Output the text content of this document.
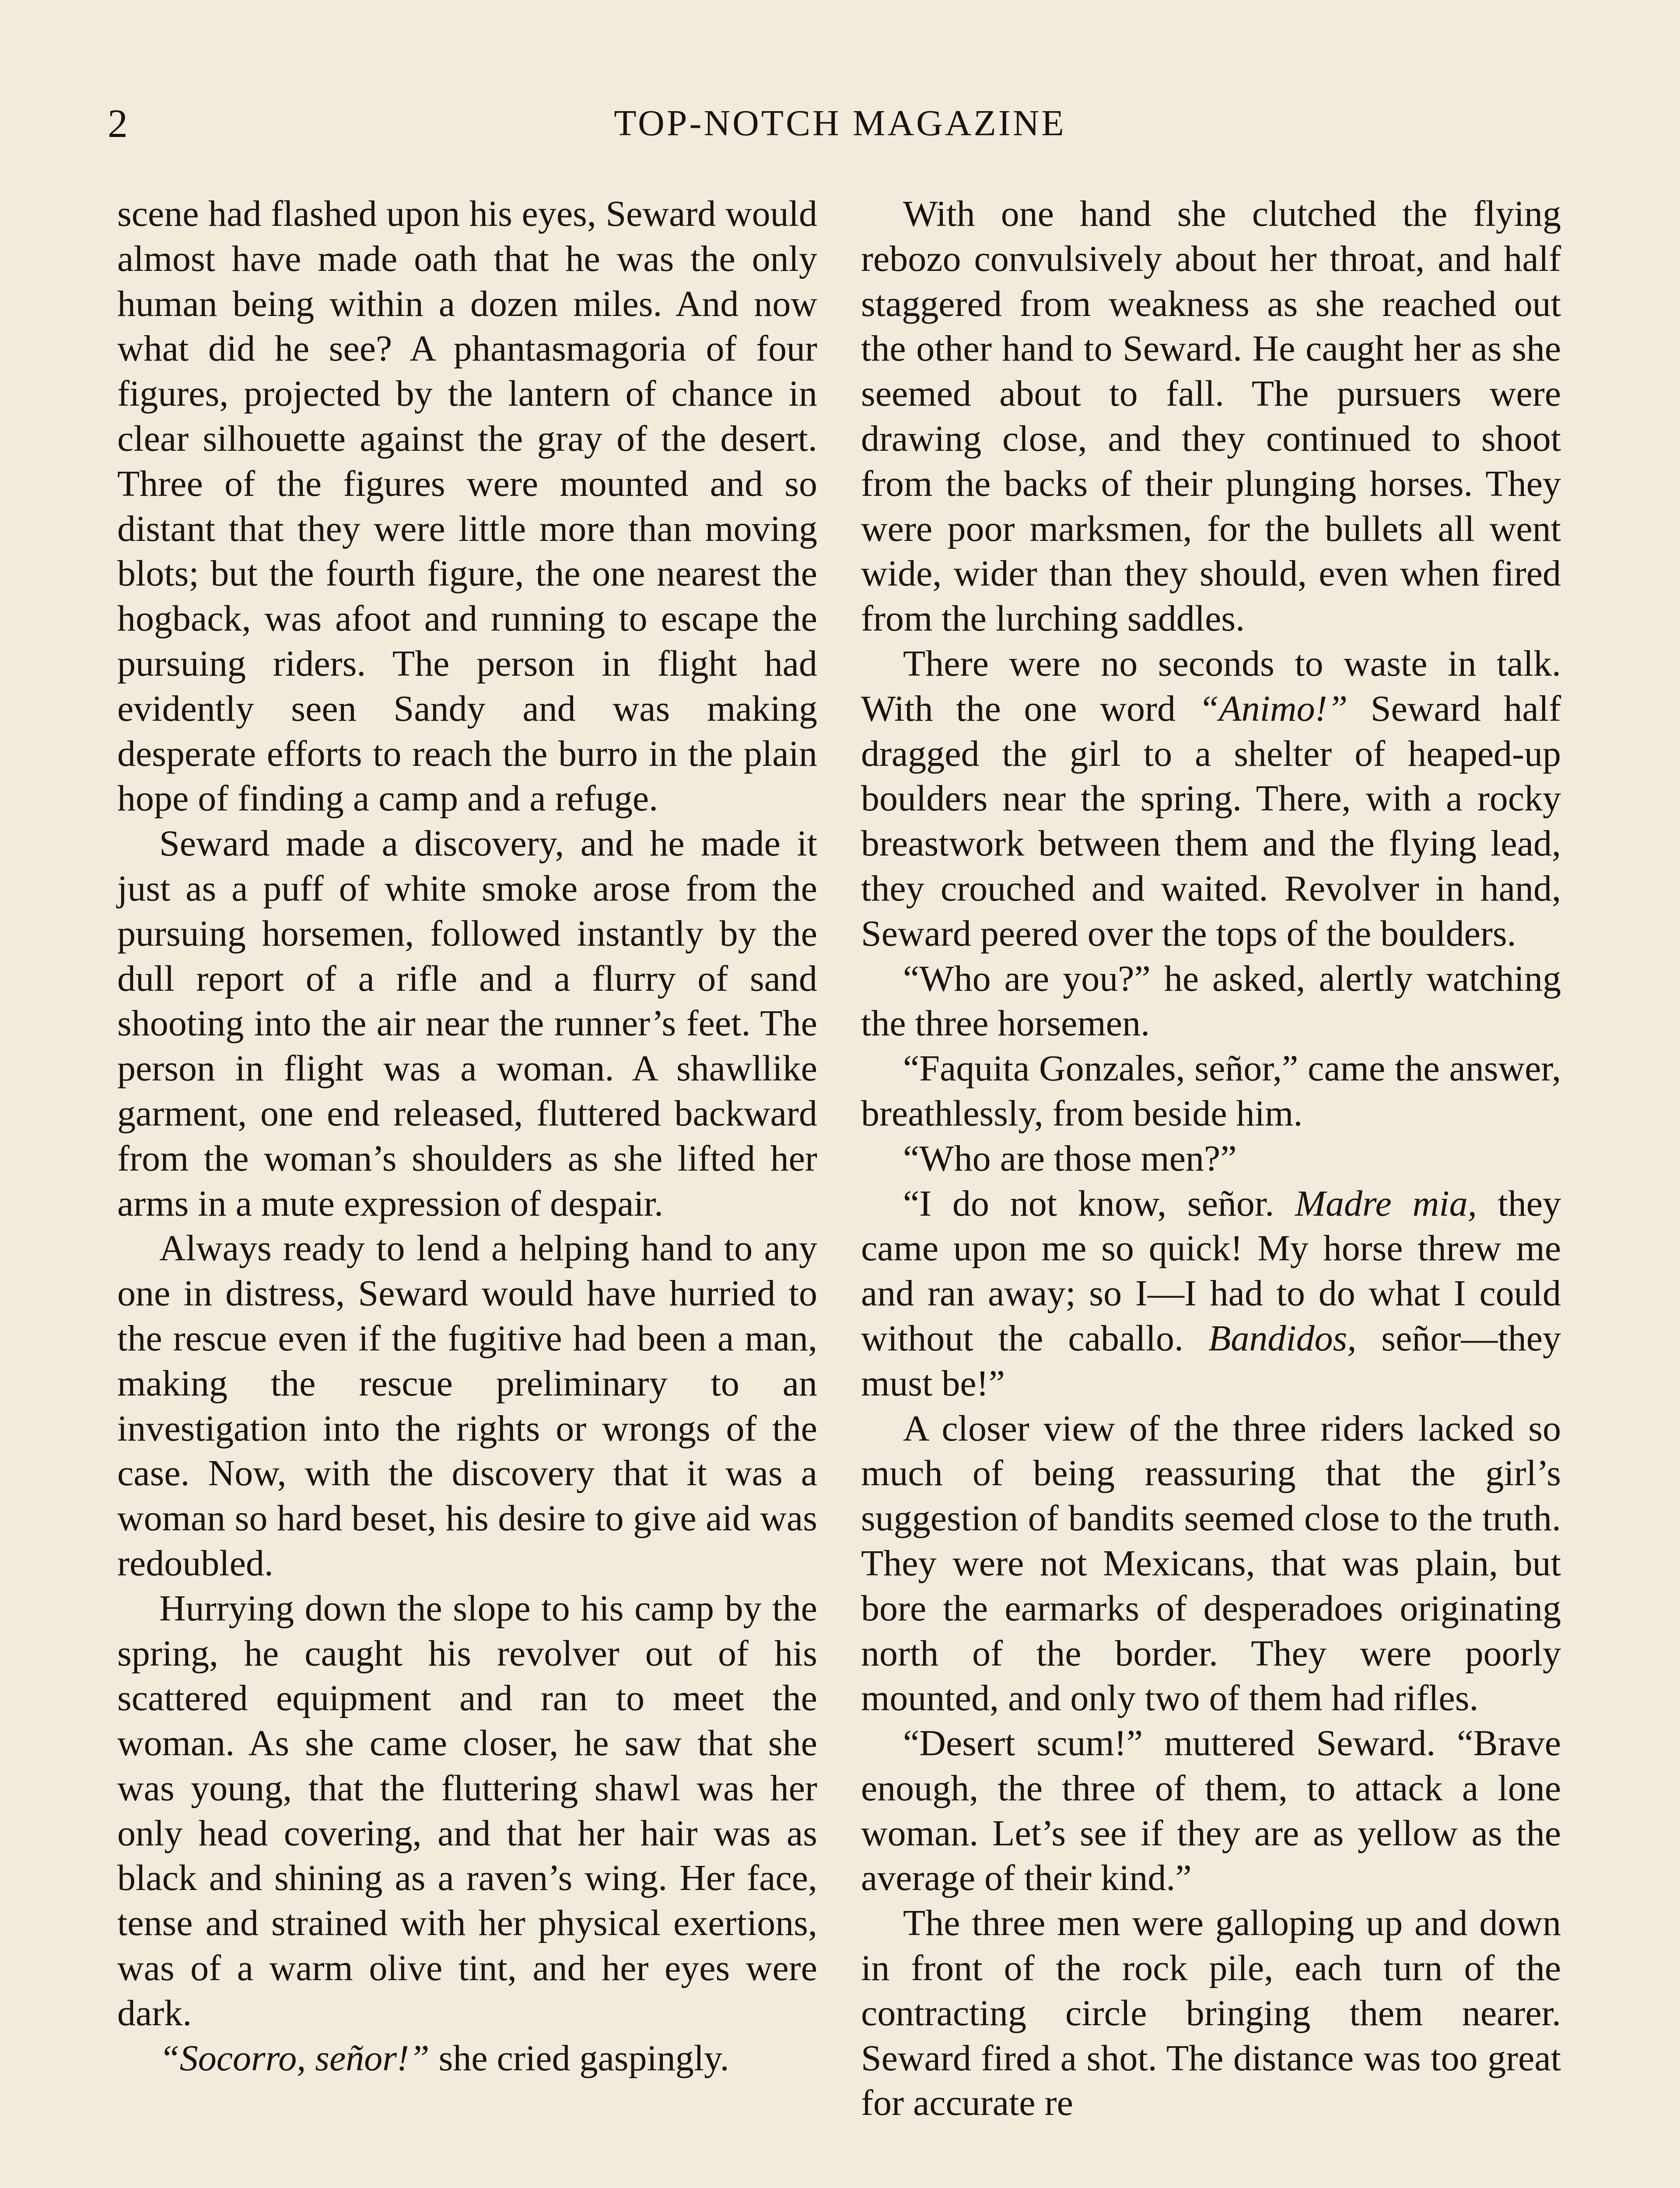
2	TOP-NOTCH MAGAZINE

scene had flashed upon his eyes, Seward would almost have made oath that he was the only human being within a dozen miles. And now what did he see? A phantasmagoria of four figures, projected by the lantern of chance in clear silhouette against the gray of the desert. Three of the figures were mounted and so distant that they were little more than moving blots; but the fourth figure, the one nearest the hogback, was afoot and running to escape the pursuing riders. The person in flight had evidently seen Sandy and was making desperate efforts to reach the burro in the plain hope of finding a camp and a refuge.

Seward made a discovery, and he made it just as a puff of white smoke arose from the pursuing horsemen, followed instantly by the dull report of a rifle and a flurry of sand shooting into the air near the runner’s feet. The person in flight was a woman. A shawllike garment, one end released, fluttered backward from the woman’s shoulders as she lifted her arms in a mute expression of despair.

Always ready to lend a helping hand to any one in distress, Seward would have hurried to the rescue even if the fugitive had been a man, making the rescue preliminary to an investigation into the rights or wrongs of the case. Now, with the discovery that it was a woman so hard beset, his desire to give aid was redoubled.

Hurrying down the slope to his camp by the spring, he caught his revolver out of his scattered equipment and ran to meet the woman. As she came closer, he saw that she was young, that the fluttering shawl was her only head covering, and that her hair was as black and shining as a raven’s wing. Her face, tense and strained with her physical exertions, was of a warm olive tint, and her eyes were dark.

“Socorro, señor!” she cried gaspingly.

With one hand she clutched the flying rebozo convulsively about her throat, and half staggered from weakness as she reached out the other hand to Seward. He caught her as she seemed about to fall. The pursuers were drawing close, and they continued to shoot from the backs of their plunging horses. They were poor marksmen, for the bullets all went wide, wider than they should, even when fired from the lurching saddles.

There were no seconds to waste in talk. With the one word “Animo!” Seward half dragged the girl to a shelter of heaped-up boulders near the spring. There, with a rocky breastwork between them and the flying lead, they crouched and waited. Revolver in hand, Seward peered over the tops of the boulders.

“Who are you?” he asked, alertly watching the three horsemen.

“Faquita Gonzales, señor,” came the answer, breathlessly, from beside him.

“Who are those men?”

“I do not know, señor. Madre mia, they came upon me so quick! My horse threw me and ran away; so I—I had to do what I could without the caballo. Bandidos, señor—they must be!”

A closer view of the three riders lacked so much of being reassuring that the girl’s suggestion of bandits seemed close to the truth. They were not Mexicans, that was plain, but bore the earmarks of desperadoes originating north of the border. They were poorly mounted, and only two of them had rifles.

“Desert scum!” muttered Seward. “Brave enough, the three of them, to attack a lone woman. Let’s see if they are as yellow as the average of their kind.”

The three men were galloping up and down in front of the rock pile, each turn of the contracting circle bringing them nearer. Seward fired a shot. The distance was too great for accurate re
